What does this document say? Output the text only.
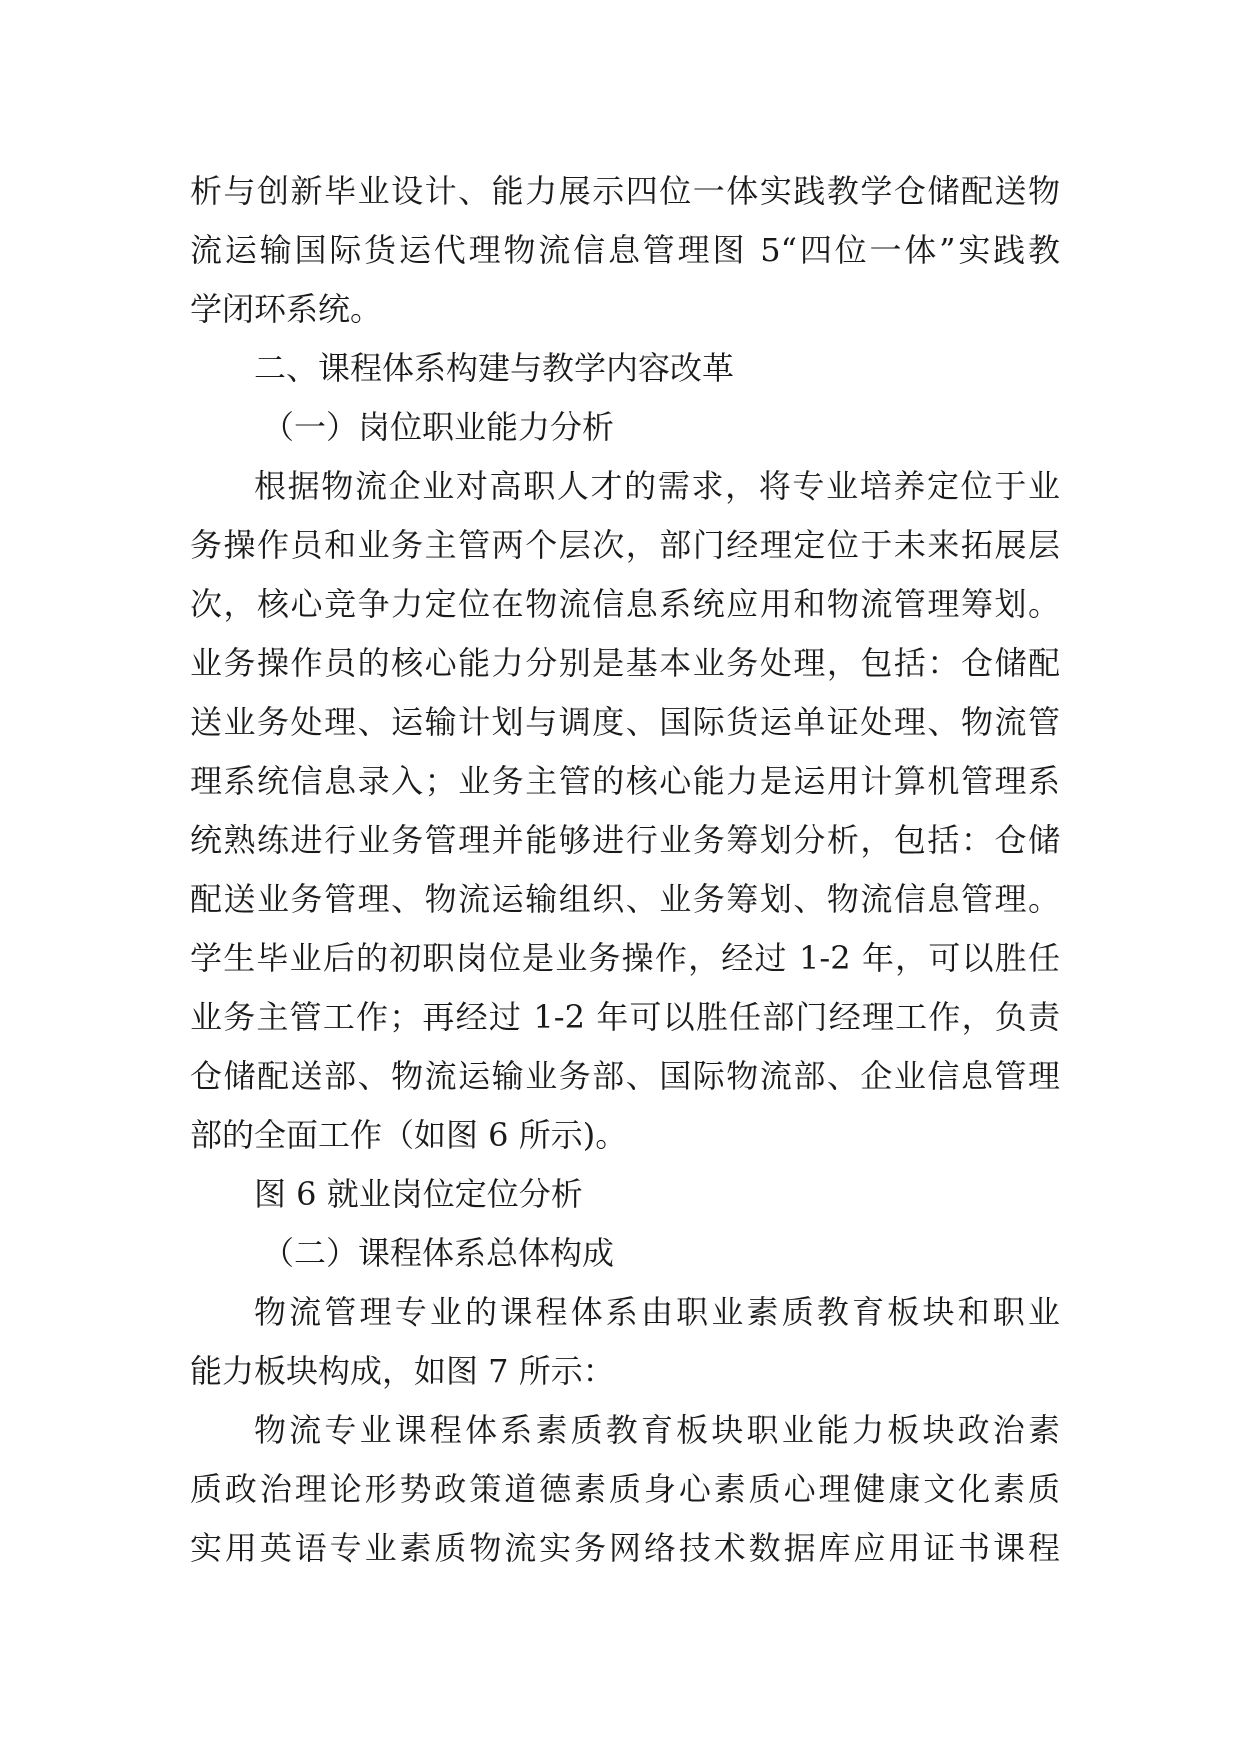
析与创新毕业设计、能力展示四位一体实践教学仓储配送物
流运输国际货运代理物流信息管理图 5“四位一体”实践教
学闭环系统。
二、课程体系构建与教学内容改革
（一）岗位职业能力分析
根据物流企业对高职人才的需求，将专业培养定位于业
务操作员和业务主管两个层次，部门经理定位于未来拓展层
次，核心竞争力定位在物流信息系统应用和物流管理筹划。
业务操作员的核心能力分别是基本业务处理，包括：仓储配
送业务处理、运输计划与调度、国际货运单证处理、物流管
理系统信息录入；业务主管的核心能力是运用计算机管理系
统熟练进行业务管理并能够进行业务筹划分析，包括：仓储
配送业务管理、物流运输组织、业务筹划、物流信息管理。
学生毕业后的初职岗位是业务操作，经过 1-2 年，可以胜任
业务主管工作；再经过 1-2 年可以胜任部门经理工作，负责
仓储配送部、物流运输业务部、国际物流部、企业信息管理
部的全面工作（如图 6 所示)。
图 6 就业岗位定位分析
（二）课程体系总体构成
物流管理专业的课程体系由职业素质教育板块和职业
能力板块构成，如图 7 所示：
物流专业课程体系素质教育板块职业能力板块政治素
质政治理论形势政策道德素质身心素质心理健康文化素质
实用英语专业素质物流实务网络技术数据库应用证书课程
